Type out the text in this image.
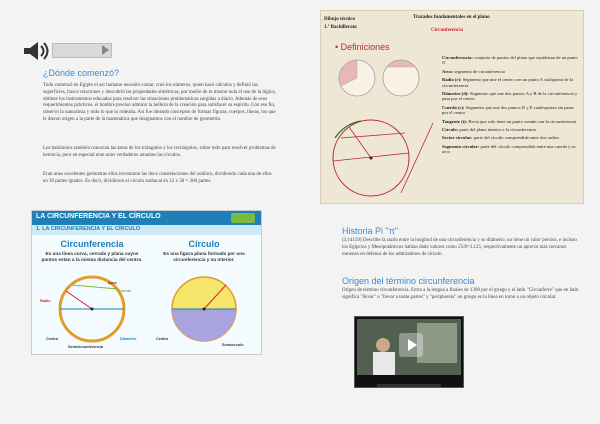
¿Dónde comenzó?
Todo comenzó en Egipto el ser humano necesitó contar, creó los números, quien basó cálculos y definió las superficies, buscó relaciones y descubrió las propiedades simétricas, por medio de lo mismo nula el uso de la lógica, obtiene los instrumentos educados para resolver las situaciones problemáticas surgidas a diario. Además de esos requerimientos prácticos, el hombre precisó admirar la belleza de la creación para satisfacer su espíritu. Con ese fin, observo la naturaleza y todo lo que lo rodeaba. Así fue ideando conceptos de formas figuras, cuerpos, líneas, los que le dieron origen a la parte de la matemática que designamos con el nombre de geometría.
Los babilonios también conocían las áreas de los triángulos y los rectángulos, sobre todo para resolver problemas de herencia, pero en especial eran unos verdaderos amantes las círculos.
Eran unos excelentes geómetras ellos inventaron las doce constelaciones del zodíaco, dividiendo cada una de ellas en 30 partes iguales. Es decir, dividieron el círculo zodiacal en 12 x 30 = 360 partes.
Dibujo técnico
1.º Bachillerato
Trazados fundamentales en el plano
Circunferencia
• Definiciones

Circunferencia: conjunto de puntos del plano que equidistan de un punto O

Arco: segmento de circunferencia

Radio (r): Segmento que une el centro con un punto A cualquiera de la circunferencia

Diámetro (d): Segmento que une dos puntos A y B de la circunferencia y pasa por el centro

Cuerda (c): Segmento que une dos puntos D y E cualesquiera sin pasar por el centro

Tangente (t): Recta que solo tiene un punto común con la circunferencia

Círculo: parte del plano interior a la circunferencia

Sector circular: parte del círculo comprendida entre dos radios

Segmento circular: parte del círculo comprendida entre una cuerda y su arco

LA CIRCUNFERENCIA Y EL CÍRCULO
1. LA CIRCUNFERENCIA Y EL CÍRCULO
Circunferencia
Es una línea curva, cerrada y plana cuyos puntos están a la misma distancia del centro.
Arco
Cuerda
Radio
Centro	Diámetro
Semicircunferencia
Círculo
Es una figura plana formada por una circunferencia y su interior.
Centro
Semicírculo
Historia Pi "π"
(3,14159) Describe la razón entre la longitud de una circunferencia y su diámetro. no tiene un valor preciso, e incluso los Egipcios y Mesopotámicos habían dado valores como 25/8=3.125, respectivamente un aprecio más cercanos inmenso en defensa de los admiradores de círculo.
Origen del término circunferencia
Origen de término circunferencia. Entra a la lengua a finales de 1300 por el griego y el latín "Circunferre" que en latín significa "llevar" o "llevar a todas partes" y "periphereia" en griego es la línea en torno a un objeto circular.
